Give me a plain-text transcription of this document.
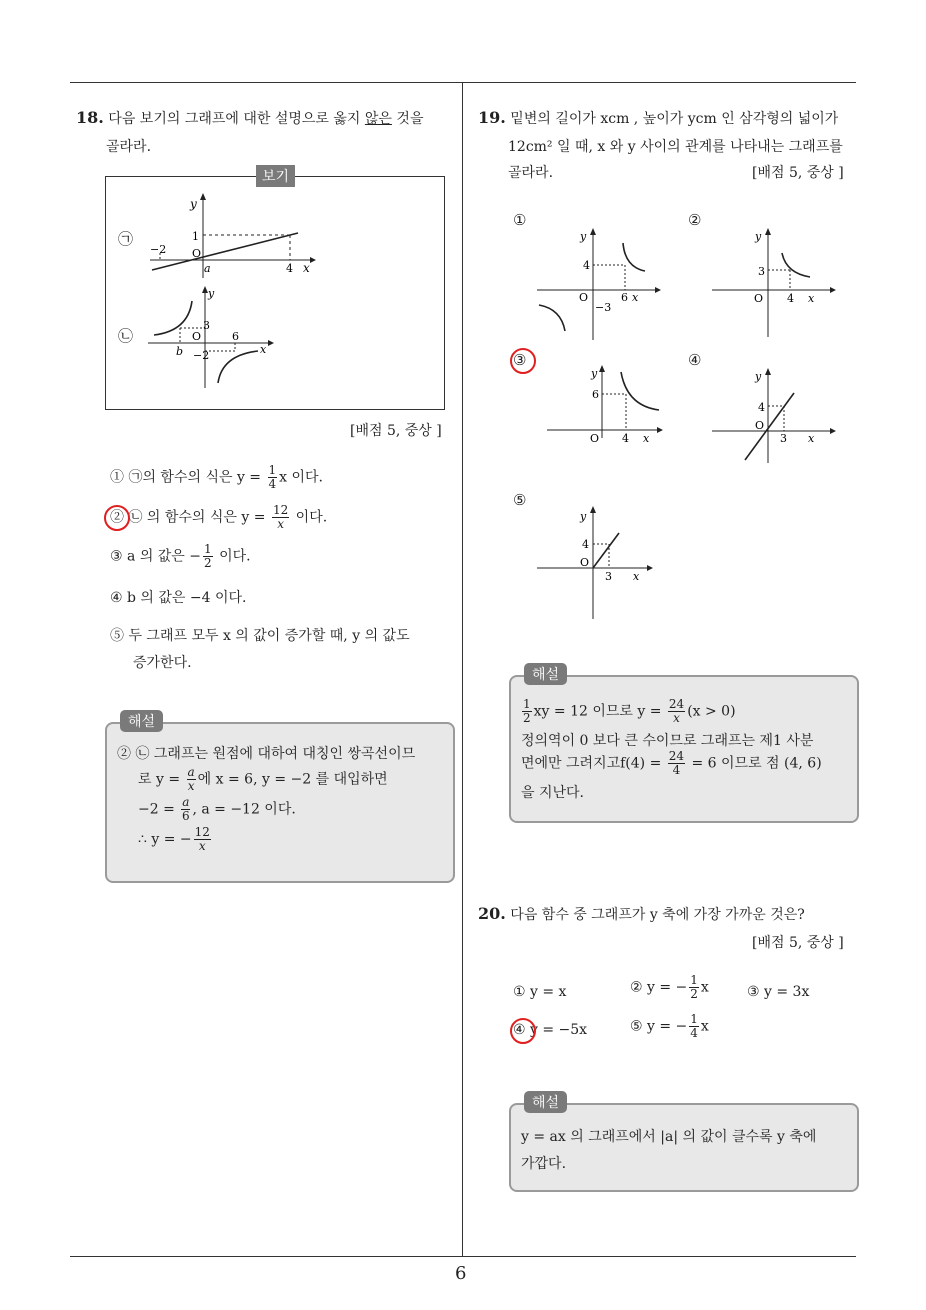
6
18. 다음 보기의 그래프에 대한 설명으로 옳지 않은 것을
골라라.
보기
㉠
㉡
y
x
1
−2 O
a	4
y
x
3
b
O
−2
6
[배점 5, 중상 ]
① ㉠의 함수의 식은 $y = \frac{1}{4}$ x 이다.
② ㉡ 의 함수의 식은 $y = \frac{12}{x}$ 이다.
③ a 의 값은 − $\frac{1}{2}$ 이다.
④ b 의 값은 −4 이다.
⑤ 두 그래프 모두 x 의 값이 증가할 때, y 의 값도
증가한다.
해설
② ㉡ 그래프는 원점에 대하여 대칭인 쌍곡선이므
로 $y = \frac{a}{x}$ 에 x = 6, y = −2 를 대입하면
$-2 = \frac{a}{6}$ , a = −12 이다.
∴ y = − $\frac{12}{x}$
19. 밑변의 길이가 xcm , 높이가 ycm 인 삼각형의 넓이가
12cm² 일 때, x 와 y 사이의 관계를 나타내는 그래프를
골라라.	[배점 5, 중상 ]
①	②
③	④
⑤
y
x
4
O
−3
6
y
x
3
O 4
y
x
6
O 4
y
x
4
O
3
y
x
4
O
3
해설
$\frac{1}{2}$ xy = 12 이므로 $y = \frac{24}{x} (x > 0)$
정의역이 0 보다 큰 수이므로 그래프는 제1 사분
면에만 그려지고$f(4) = \frac{24}{4} = 6$ 이므로 점 (4, 6)
을 지난다.
20. 다음 함수 중 그래프가 y 축에 가장 가까운 것은?
[배점 5, 중상 ]
① y = x	② y = − $\frac{1}{2}$ x	③ y = 3x
④ y = −5x	⑤ y = − $\frac{1}{4}$ x
해설
y = ax 의 그래프에서 |a| 의 값이 클수록 y 축에
가깝다.
